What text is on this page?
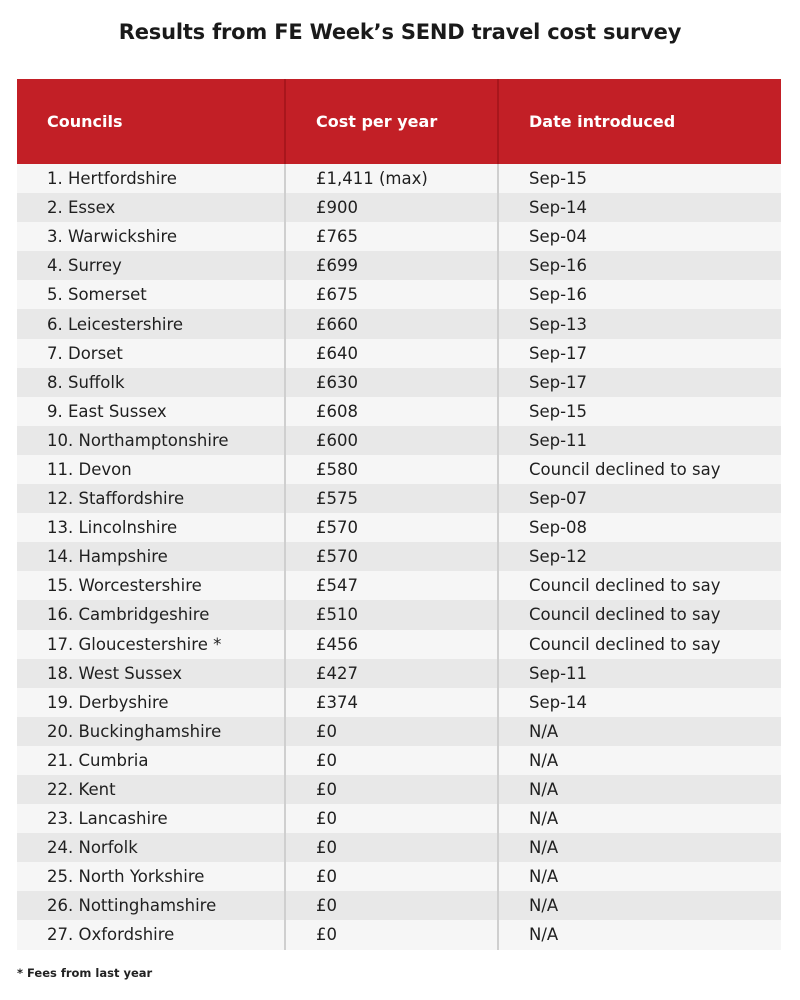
Results from FE Week’s SEND travel cost survey
Councils	Cost per year	Date introduced
1. Hertfordshire	£1,411 (max)	Sep-15
2. Essex	£900	Sep-14
3. Warwickshire	£765	Sep-04
4. Surrey	£699	Sep-16
5. Somerset	£675	Sep-16
6. Leicestershire	£660	Sep-13
7. Dorset	£640	Sep-17
8. Suffolk	£630	Sep-17
9. East Sussex	£608	Sep-15
10. Northamptonshire	£600	Sep-11
11. Devon	£580	Council declined to say
12. Staffordshire	£575	Sep-07
13. Lincolnshire	£570	Sep-08
14. Hampshire	£570	Sep-12
15. Worcestershire	£547	Council declined to say
16. Cambridgeshire	£510	Council declined to say
17. Gloucestershire *	£456	Council declined to say
18. West Sussex	£427	Sep-11
19. Derbyshire	£374	Sep-14
20. Buckinghamshire	£0	N/A
21. Cumbria	£0	N/A
22. Kent	£0	N/A
23. Lancashire	£0	N/A
24. Norfolk	£0	N/A
25. North Yorkshire	£0	N/A
26. Nottinghamshire	£0	N/A
27. Oxfordshire	£0	N/A
* Fees from last year
